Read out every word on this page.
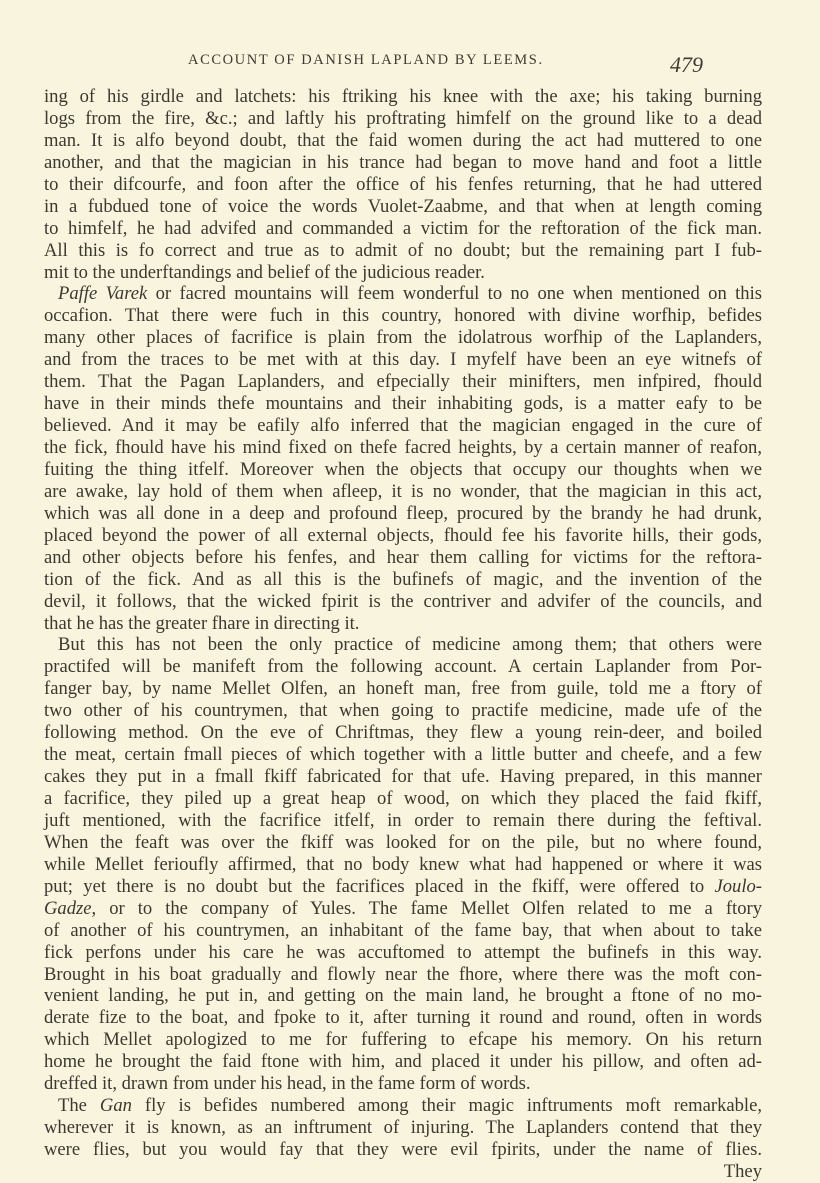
ACCOUNT OF DANISH LAPLAND BY LEEMS.	479
ing of his girdle and latchets: his ftriking his knee with the axe; his taking burning
logs from the fire, &c.; and laftly his proftrating himfelf on the ground like to a dead
man. It is alfo beyond doubt, that the faid women during the act had muttered to one
another, and that the magician in his trance had began to move hand and foot a little
to their difcourfe, and foon after the office of his fenfes returning, that he had uttered
in a fubdued tone of voice the words Vuolet-Zaabme, and that when at length coming
to himfelf, he had advifed and commanded a victim for the reftoration of the fick man.
All this is fo correct and true as to admit of no doubt; but the remaining part I fub-
mit to the underftandings and belief of the judicious reader.
Paffe Varek or facred mountains will feem wonderful to no one when mentioned on this
occafion. That there were fuch in this country, honored with divine worfhip, befides
many other places of facrifice is plain from the idolatrous worfhip of the Laplanders,
and from the traces to be met with at this day. I myfelf have been an eye witnefs of
them. That the Pagan Laplanders, and efpecially their minifters, men infpired, fhould
have in their minds thefe mountains and their inhabiting gods, is a matter eafy to be
believed. And it may be eafily alfo inferred that the magician engaged in the cure of
the fick, fhould have his mind fixed on thefe facred heights, by a certain manner of reafon,
fuiting the thing itfelf. Moreover when the objects that occupy our thoughts when we
are awake, lay hold of them when afleep, it is no wonder, that the magician in this act,
which was all done in a deep and profound fleep, procured by the brandy he had drunk,
placed beyond the power of all external objects, fhould fee his favorite hills, their gods,
and other objects before his fenfes, and hear them calling for victims for the reftora-
tion of the fick. And as all this is the bufinefs of magic, and the invention of the
devil, it follows, that the wicked fpirit is the contriver and advifer of the councils, and
that he has the greater fhare in directing it.
But this has not been the only practice of medicine among them; that others were
practifed will be manifeft from the following account. A certain Laplander from Por-
fanger bay, by name Mellet Olfen, an honeft man, free from guile, told me a ftory of
two other of his countrymen, that when going to practife medicine, made ufe of the
following method. On the eve of Chriftmas, they flew a young rein-deer, and boiled
the meat, certain fmall pieces of which together with a little butter and cheefe, and a few
cakes they put in a fmall fkiff fabricated for that ufe. Having prepared, in this manner
a facrifice, they piled up a great heap of wood, on which they placed the faid fkiff,
juft mentioned, with the facrifice itfelf, in order to remain there during the feftival.
When the feaft was over the fkiff was looked for on the pile, but no where found,
while Mellet ferioufly affirmed, that no body knew what had happened or where it was
put; yet there is no doubt but the facrifices placed in the fkiff, were offered to Joulo-
Gadze, or to the company of Yules. The fame Mellet Olfen related to me a ftory
of another of his countrymen, an inhabitant of the fame bay, that when about to take
fick perfons under his care he was accuftomed to attempt the bufinefs in this way.
Brought in his boat gradually and flowly near the fhore, where there was the moft con-
venient landing, he put in, and getting on the main land, he brought a ftone of no mo-
derate fize to the boat, and fpoke to it, after turning it round and round, often in words
which Mellet apologized to me for fuffering to efcape his memory. On his return
home he brought the faid ftone with him, and placed it under his pillow, and often ad-
dreffed it, drawn from under his head, in the fame form of words.
The Gan fly is befides numbered among their magic inftruments moft remarkable,
wherever it is known, as an inftrument of injuring. The Laplanders contend that they
were flies, but you would fay that they were evil fpirits, under the name of flies.
They
